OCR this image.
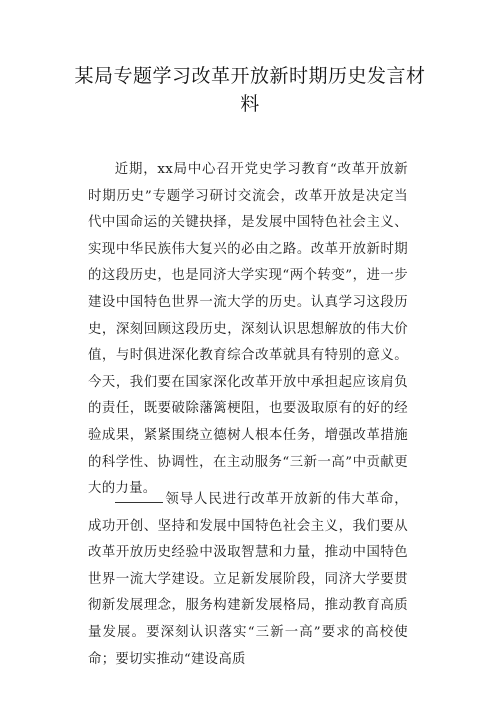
某局专题学习改革开放新时期历史发言材料
近期，xx局中心召开党史学习教育“改革开放新时期历史”专题学习研讨交流会，改革开放是决定当代中国命运的关键抉择，是发展中国特色社会主义、实现中华民族伟大复兴的必由之路。改革开放新时期的这段历史，也是同济大学实现“两个转变”，进一步建设中国特色世界一流大学的历史。认真学习这段历史，深刻回顾这段历史，深刻认识思想解放的伟大价值，与时俱进深化教育综合改革就具有特别的意义。今天，我们要在国家深化改革开放中承担起应该肩负的责任，既要破除藩篱梗阻，也要汲取原有的好的经验成果，紧紧围绕立德树人根本任务，增强改革措施的科学性、协调性，在主动服务“三新一高”中贡献更大的力量。
领导人民进行改革开放新的伟大革命，成功开创、坚持和发展中国特色社会主义，我们要从改革开放历史经验中汲取智慧和力量，推动中国特色世界一流大学建设。立足新发展阶段，同济大学要贯彻新发展理念，服务构建新发展格局，推动教育高质量发展。要深刻认识落实“三新一高”要求的高校使命；要切实推动“建设高质
